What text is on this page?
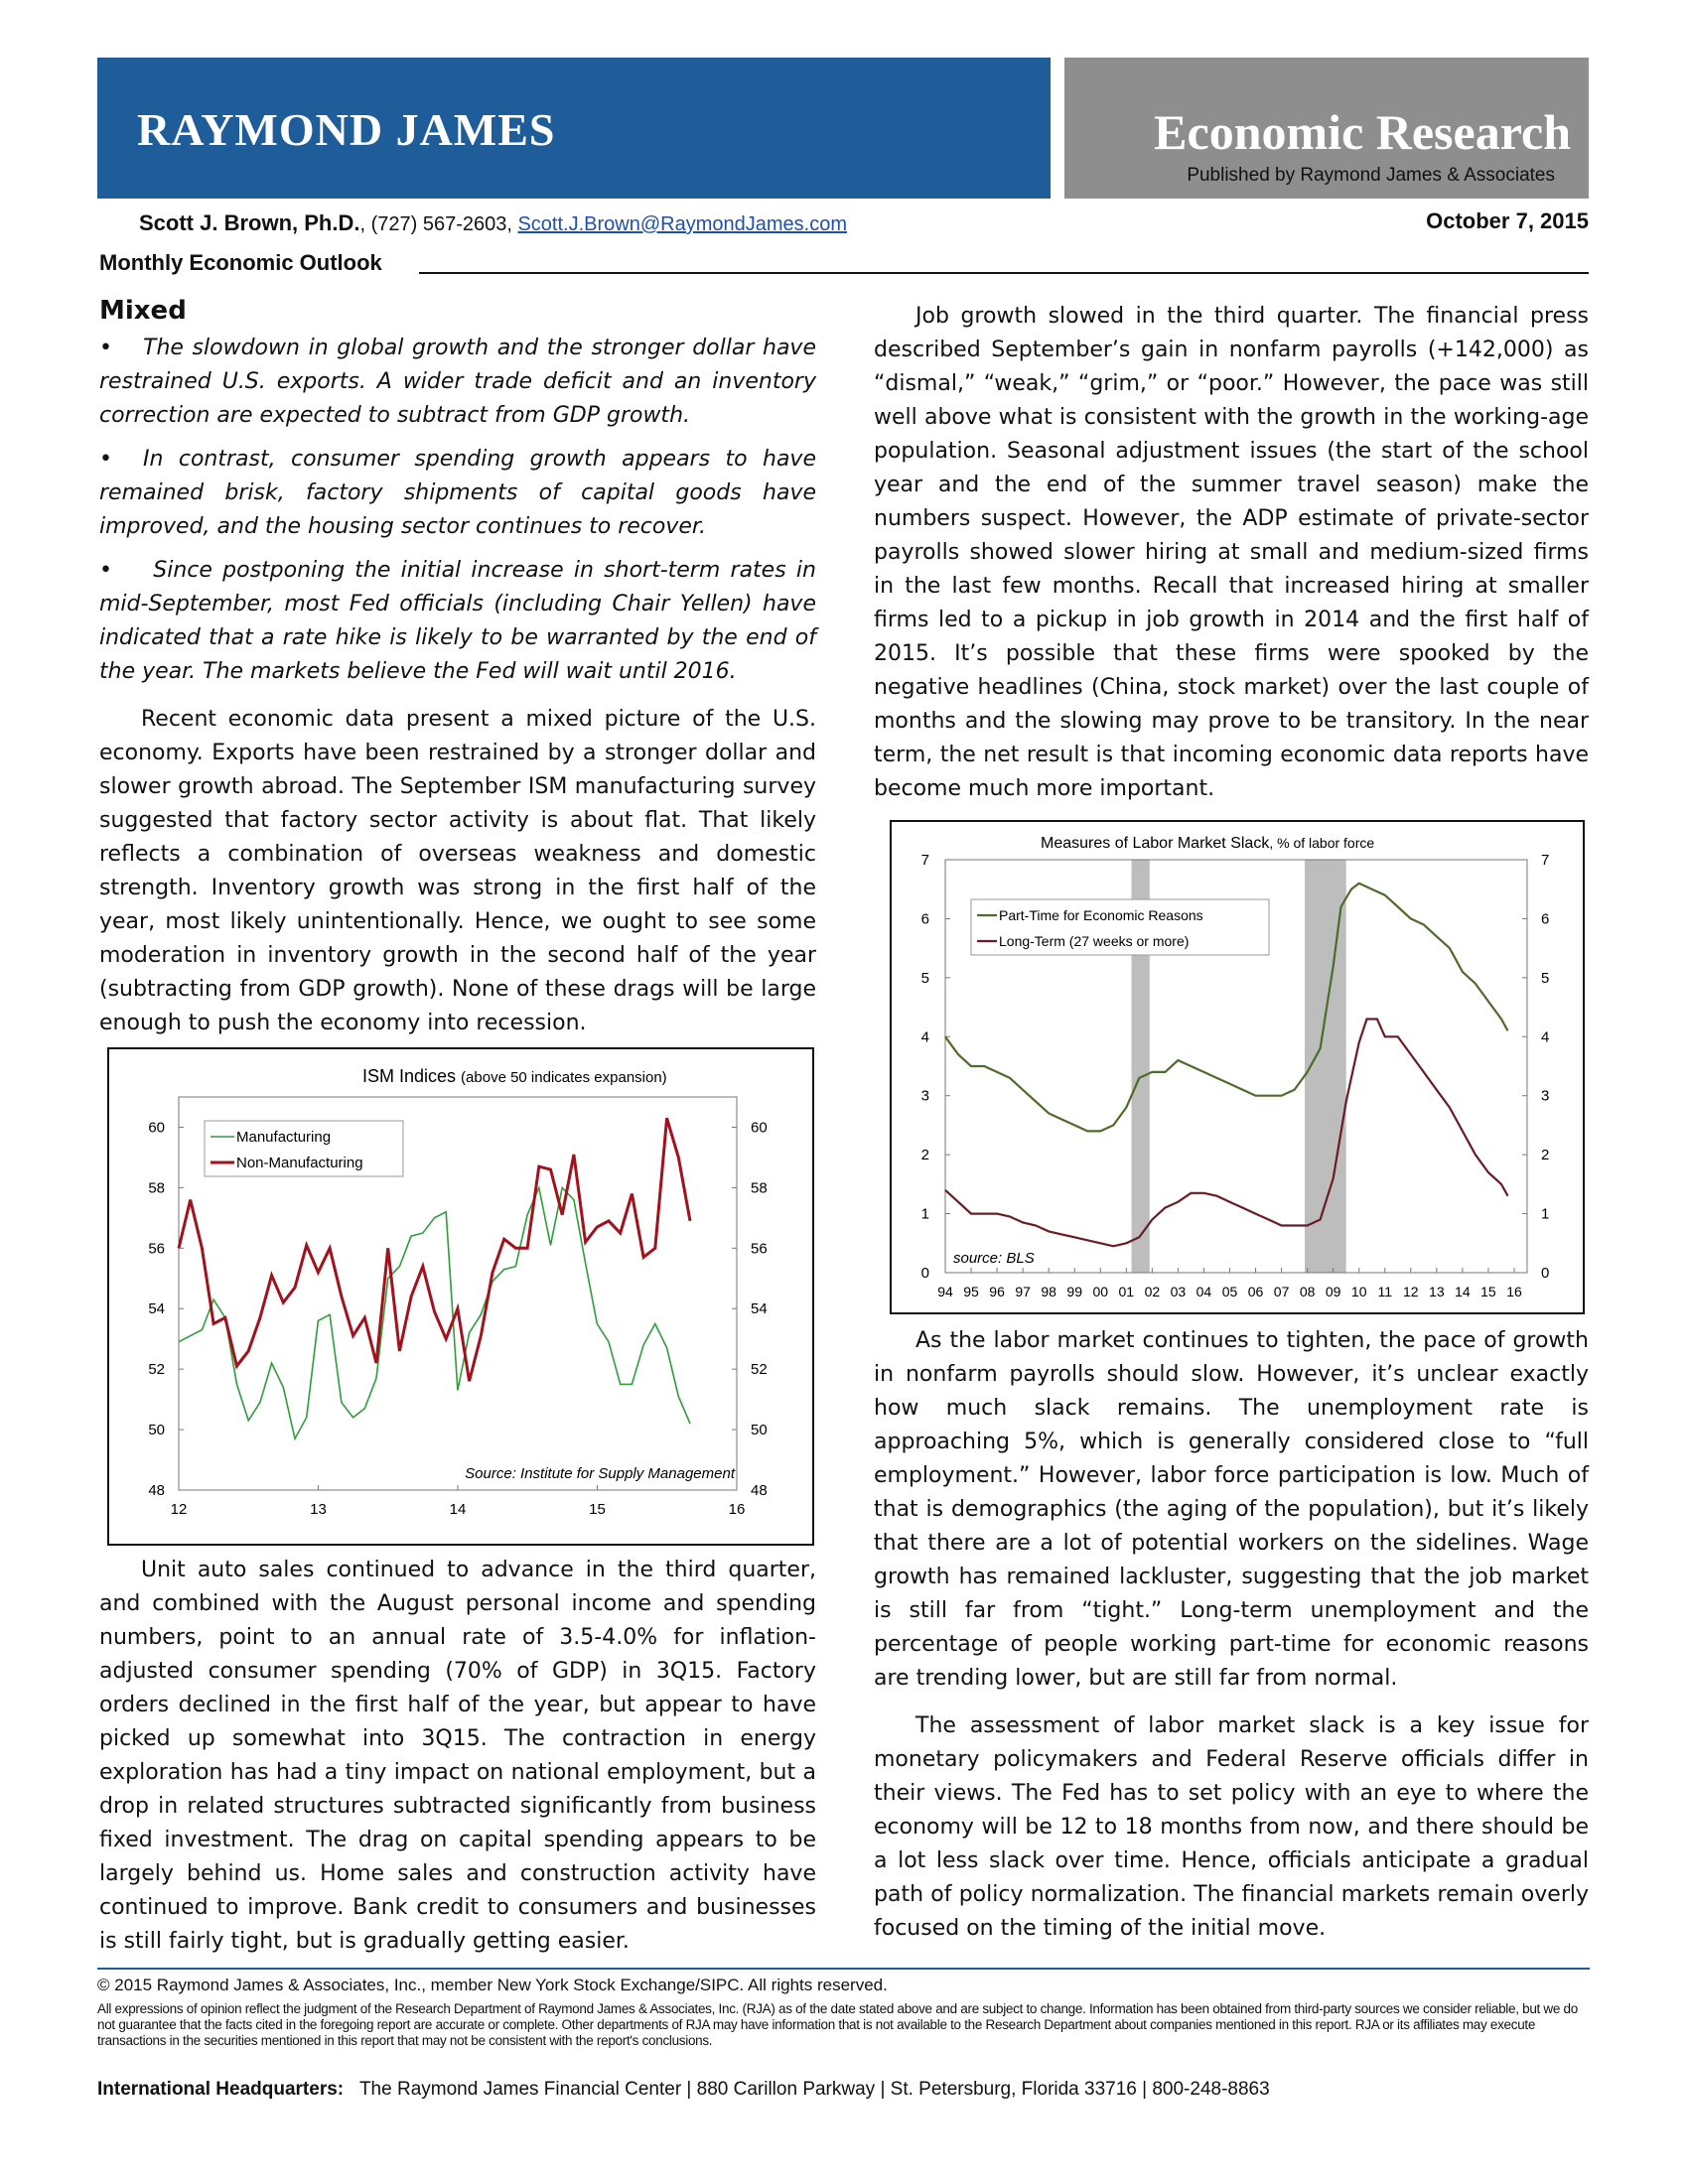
RAYMOND JAMES	Economic Research
Published by Raymond James & Associates
Scott J. Brown, Ph.D., (727) 567-2603, Scott.J.Brown@RaymondJames.com	October 7, 2015
Monthly Economic Outlook
Mixed

• The slowdown in global growth and the stronger dollar have restrained U.S. exports. A wider trade deficit and an inventory correction are expected to subtract from GDP growth.

• In contrast, consumer spending growth appears to have remained brisk, factory shipments of capital goods have improved, and the housing sector continues to recover.

• Since postponing the initial increase in short-term rates in mid-September, most Fed officials (including Chair Yellen) have indicated that a rate hike is likely to be warranted by the end of the year. The markets believe the Fed will wait until 2016.

Recent economic data present a mixed picture of the U.S. economy. Exports have been restrained by a stronger dollar and slower growth abroad. The September ISM manufacturing survey suggested that factory sector activity is about flat. That likely reflects a combination of overseas weakness and domestic strength. Inventory growth was strong in the first half of the year, most likely unintentionally. Hence, we ought to see some moderation in inventory growth in the second half of the year (subtracting from GDP growth). None of these drags will be large enough to push the economy into recession.

ISM Indices (above 50 indicates expansion)
48	48
50	50
52	52
54	54
56	56
58	58
60	60
12	13	14	15	16
Manufacturing
Non-Manufacturing
Source: Institute for Supply Management

Unit auto sales continued to advance in the third quarter, and combined with the August personal income and spending numbers, point to an annual rate of 3.5-4.0% for inflation-adjusted consumer spending (70% of GDP) in 3Q15. Factory orders declined in the first half of the year, but appear to have picked up somewhat into 3Q15. The contraction in energy exploration has had a tiny impact on national employment, but a drop in related structures subtracted significantly from business fixed investment. The drag on capital spending appears to be largely behind us. Home sales and construction activity have continued to improve. Bank credit to consumers and businesses is still fairly tight, but is gradually getting easier.

Job growth slowed in the third quarter. The financial press described September’s gain in nonfarm payrolls (+142,000) as “dismal,” “weak,” “grim,” or “poor.” However, the pace was still well above what is consistent with the growth in the working-age population. Seasonal adjustment issues (the start of the school year and the end of the summer travel season) make the numbers suspect. However, the ADP estimate of private-sector payrolls showed slower hiring at small and medium-sized firms in the last few months. Recall that increased hiring at smaller firms led to a pickup in job growth in 2014 and the first half of 2015. It’s possible that these firms were spooked by the negative headlines (China, stock market) over the last couple of months and the slowing may prove to be transitory. In the near term, the net result is that incoming economic data reports have become much more important.

Measures of Labor Market Slack, % of labor force
0	0
1	1
2	2
3	3
4	4
5	5
6	6
7	7
94 95 96 97 98 99 00 01 02 03 04 05 06 07 08 09 10 11 12 13 14 15 16
Part-Time for Economic Reasons
Long-Term (27 weeks or more)
source: BLS

As the labor market continues to tighten, the pace of growth in nonfarm payrolls should slow. However, it’s unclear exactly how much slack remains. The unemployment rate is approaching 5%, which is generally considered close to “full employment.” However, labor force participation is low. Much of that is demographics (the aging of the population), but it’s likely that there are a lot of potential workers on the sidelines. Wage growth has remained lackluster, suggesting that the job market is still far from “tight.” Long-term unemployment and the percentage of people working part-time for economic reasons are trending lower, but are still far from normal.

The assessment of labor market slack is a key issue for monetary policymakers and Federal Reserve officials differ in their views. The Fed has to set policy with an eye to where the economy will be 12 to 18 months from now, and there should be a lot less slack over time. Hence, officials anticipate a gradual path of policy normalization. The financial markets remain overly focused on the timing of the initial move.

© 2015 Raymond James & Associates, Inc., member New York Stock Exchange/SIPC. All rights reserved.
All expressions of opinion reflect the judgment of the Research Department of Raymond James & Associates, Inc. (RJA) as of the date stated above and are subject to change. Information has been obtained from third-party sources we consider reliable, but we do not guarantee that the facts cited in the foregoing report are accurate or complete. Other departments of RJA may have information that is not available to the Research Department about companies mentioned in this report. RJA or its affiliates may execute transactions in the securities mentioned in this report that may not be consistent with the report's conclusions.
International Headquarters: The Raymond James Financial Center | 880 Carillon Parkway | St. Petersburg, Florida 33716 | 800-248-8863
